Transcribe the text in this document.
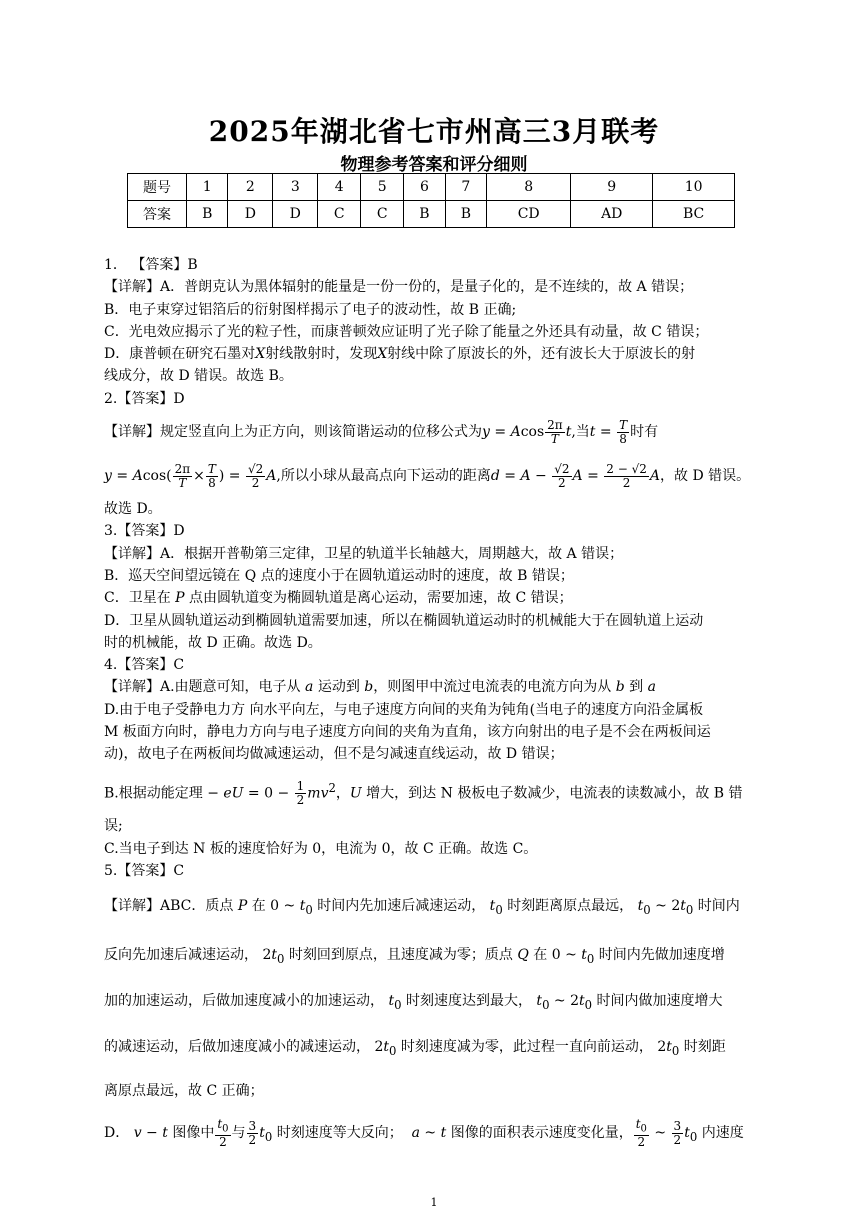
2025年湖北省七市州高三3月联考
物理参考答案和评分细则
题号	1	2	3	4	5	6	7	8	9	10
答案	B	D	D	C	C	B	B	CD	AD	BC

1． 【答案】B

【详解】A．普朗克认为黑体辐射的能量是一份一份的，是量子化的，是不连续的，故 A 错误；

B．电子束穿过铝箔后的衍射图样揭示了电子的波动性，故 B 正确;

C．光电效应揭示了光的粒子性，而康普顿效应证明了光子除了能量之外还具有动量，故 C 错误；

D．康普顿在研究石墨对X射线散射时，发现X射线中除了原波长的外，还有波长大于原波长的射

线成分，故 D 错误。故选 B。

2.【答案】D

【详解】规定竖直向上为正方向，则该简谐运动的位移公式为y = Acos $\frac{2\pi}{T} t$,当$t = \frac{T}{8}$ 时有

$y = Acos( \frac{2\pi}{T} \times \frac{T}{8}$ ) = $\frac{√2}{2} A$,所以小球从最高点向下运动的距离$d = A - \frac{√2}{2}$ $A = \frac{2 - √2}{2}$ A，故 D 错误。

故选 D。

3.【答案】D

【详解】A．根据开普勒第三定律，卫星的轨道半长轴越大，周期越大，故 A 错误；

B．巡天空间望远镜在 Q 点的速度小于在圆轨道运动时的速度，故 B 错误；

C．卫星在 P 点由圆轨道变为椭圆轨道是离心运动，需要加速，故 C 错误；

D．卫星从圆轨道运动到椭圆轨道需要加速，所以在椭圆轨道运动时的机械能大于在圆轨道上运动

时的机械能，故 D 正确。故选 D。

4.【答案】C

【详解】A.由题意可知，电子从 a 运动到 b，则图甲中流过电流表的电流方向为从 b 到 a

D.由于电子受静电力方 向水平向左，与电子速度方向间的夹角为钝角(当电子的速度方向沿金属板

M 板面方向时，静电力方向与电子速度方向间的夹角为直角，该方向射出的电子是不会在两板间运

动)，故电子在两板间均做减速运动，但不是匀减速直线运动，故 D 错误；

B.根据动能定理 − eU = $0 - \frac{1}{2} mv^2$，U 增大，到达 N 极板电子数减少，电流表的读数减小，故 B 错

误;

C.当电子到达 N 板的速度恰好为 0，电流为 0，故 C 正确。故选 C。

5.【答案】C

【详解】ABC．质点 P 在 0 ~ $t_0$ 时间内先加速后减速运动， $t_0$ 时刻距离原点最远， $t_0$ ~ $2t_0$ 时间内

反向先加速后减速运动， $2t_0$ 时刻回到原点，且速度减为零；质点 Q 在 0 ~ $t_0$ 时间内先做加速度增

加的加速运动，后做加速度减小的加速运动， $t_0$ 时刻速度达到最大， $t_0$ ~ $2t_0$ 时间内做加速度增大

的减速运动，后做加速度减小的减速运动， $2t_0$ 时刻速度减为零，此过程一直向前运动， $2t_0$ 时刻距

离原点最远，故 C 正确；

D． v − t 图像中 $\frac{t_0}{2}$ 与 $\frac{3}{2} t_0$ 时刻速度等大反向； a ~ t 图像的面积表示速度变化量， $\frac{t_0}{2}$ ~ $\frac{3}{2} t_0$ 内速度

1
